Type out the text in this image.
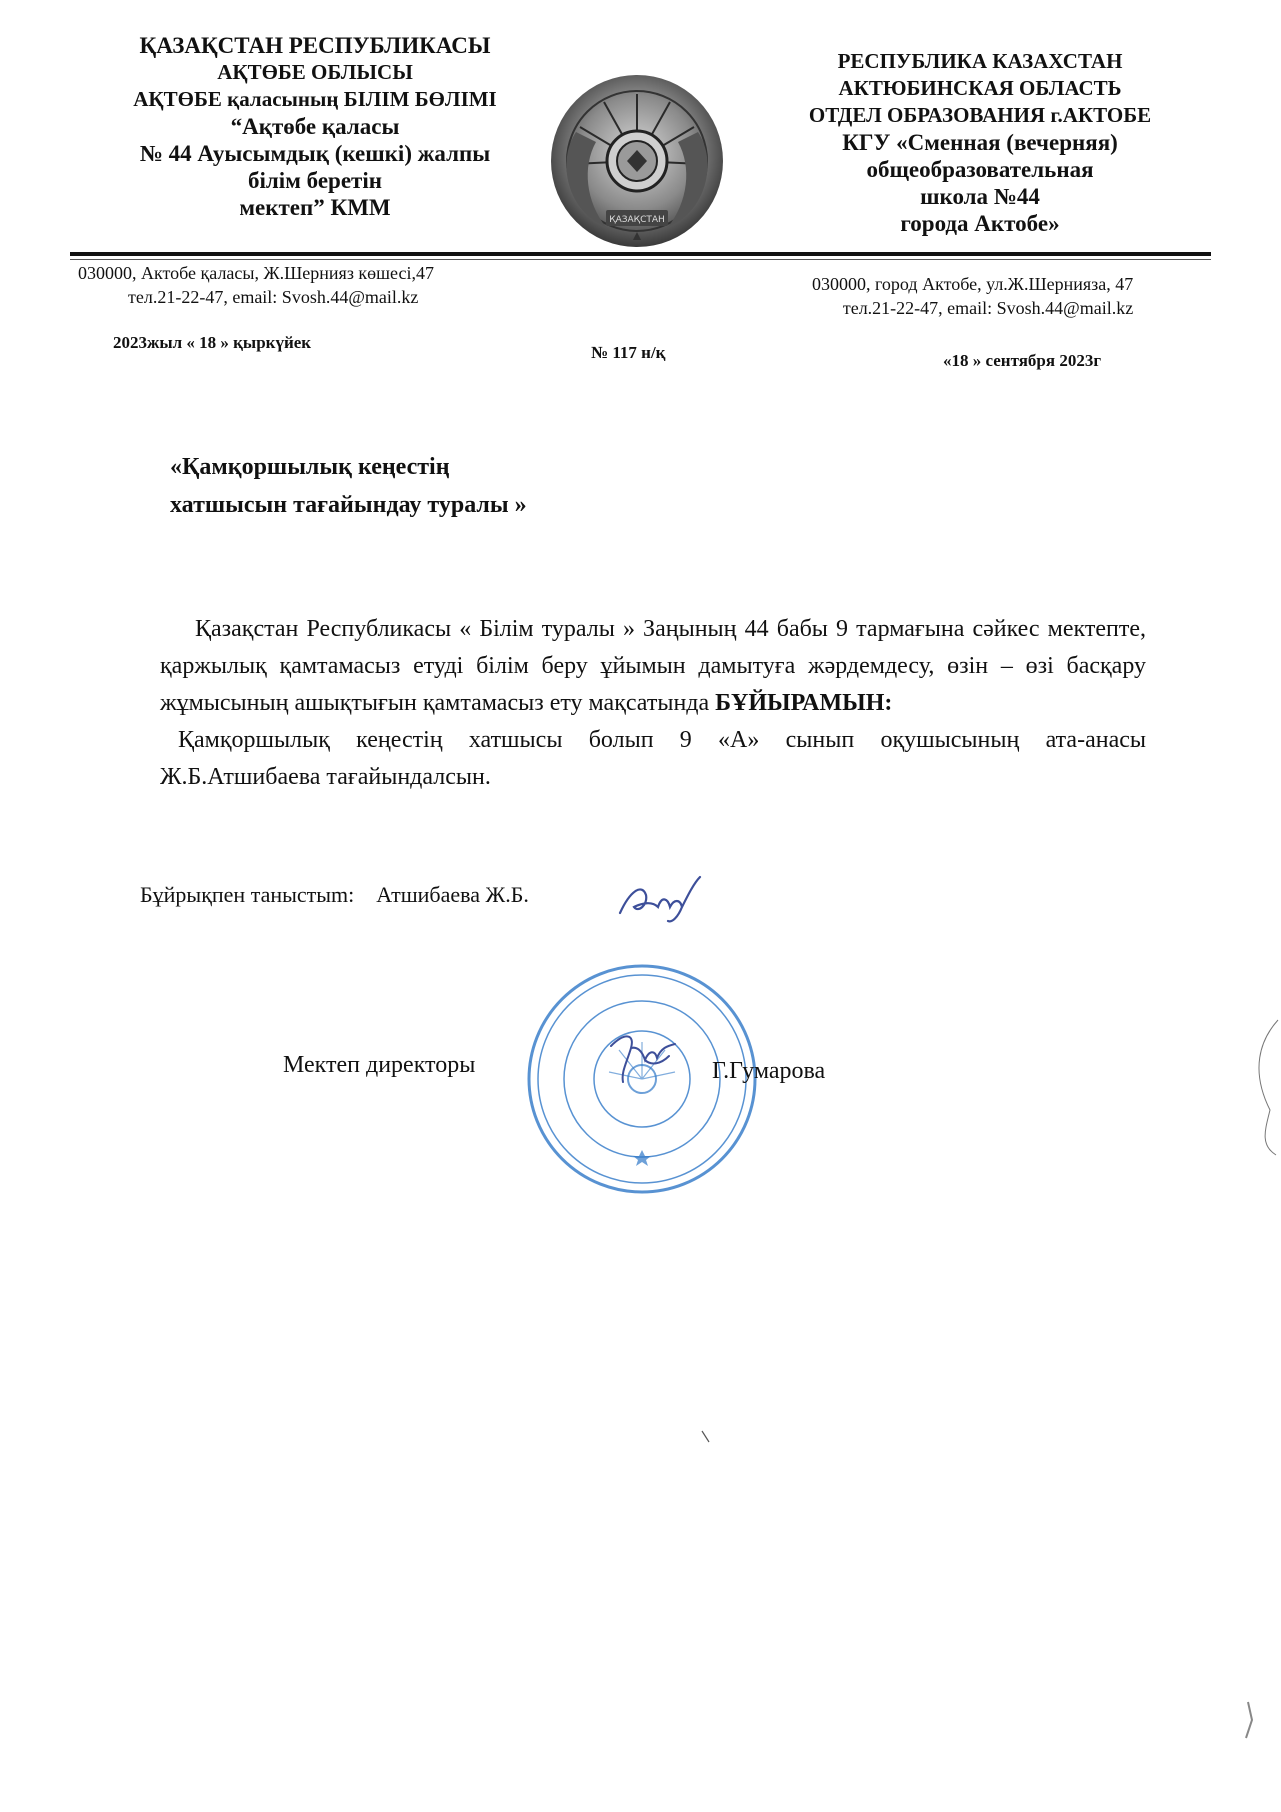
ҚАЗАҚСТАН РЕСПУБЛИКАСЫ
АҚТӨБЕ ОБЛЫСЫ
АҚТӨБЕ қаласының БІЛІМ БӨЛІМІ
“Ақтөбе қаласы
№ 44 Ауысымдық (кешкі) жалпы
білім беретін
мектеп” КММ	ҚАЗАҚСТАН
РЕСПУБЛИКА КАЗАХСТАН
АКТЮБИНСКАЯ ОБЛАСТЬ
ОТДЕЛ ОБРАЗОВАНИЯ г.АКТОБЕ
КГУ «Сменная (вечерняя)
общеобразовательная
школа №44
города Актобе»
030000, Актобе қаласы, Ж.Шернияз көшесі,47
тел.21-22-47, email: Svosh.44@mail.kz
030000, город Актобе, ул.Ж.Шернияза, 47
тел.21-22-47, email: Svosh.44@mail.kz
2023жыл « 18 » қыркүйек
№ 117 н/қ	«18 » сентября 2023г
«Қамқоршылық кеңестің
хатшысын тағайындау туралы »

Қазақстан Республикасы « Білім туралы » Заңының 44 бабы 9 тармағына сәйкес мектепте, қаржылық қамтамасыз етуді білім беру ұйымын дамытуға жәрдемдесу, өзін – өзі басқару жұмысының ашықтығын қамтамасыз ету мақсатында БҰЙЫРАМЫН:

Қамқоршылық кеңестің хатшысы болып 9 «А» сынып оқушысының ата-анасы Ж.Б.Атшибаева тағайындалсын.

Бұйрықпен таныстыm: Атшибаева Ж.Б.
Мектеп директоры	Г.Гумарова
